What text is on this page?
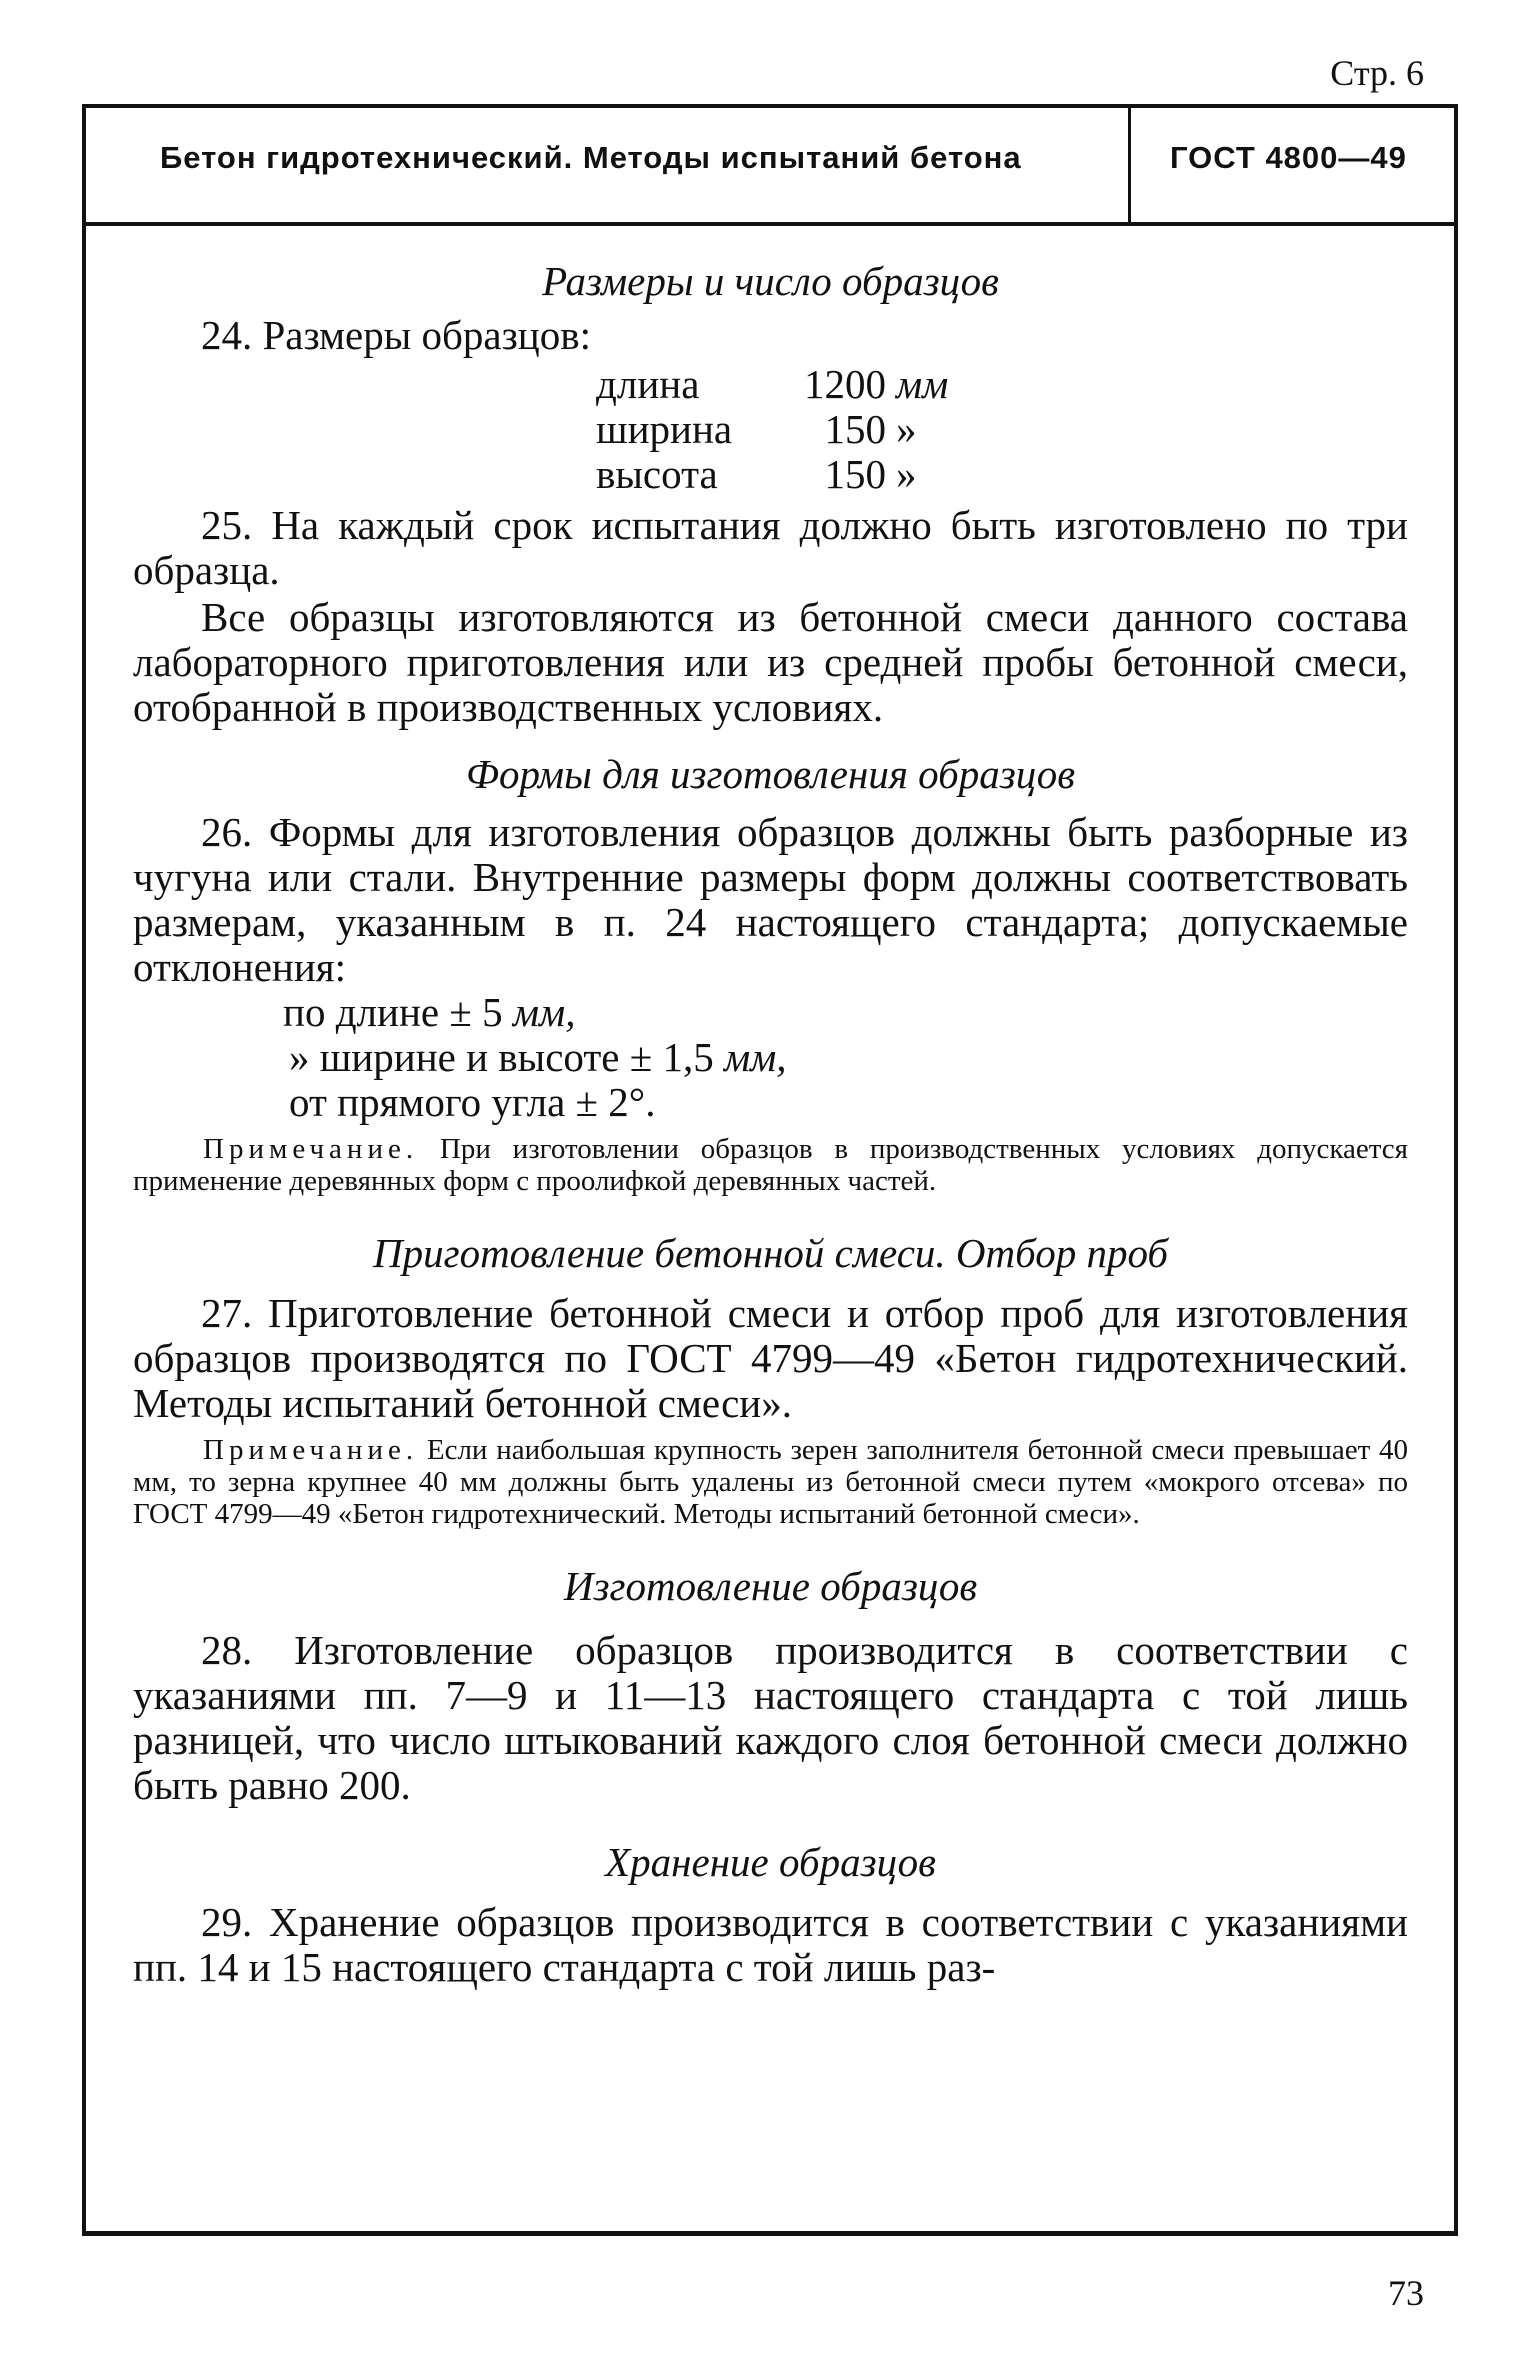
Стр. 6
Бетон гидротехнический. Методы испытаний бетона	ГОСТ 4800—49

Размеры и число образцов

24. Размеры образцов:

длина	1200 мм
ширина	150 »
высота	150 »

25. На каждый срок испытания должно быть изготовлено по три образца.

Все образцы изготовляются из бетонной смеси данного состава лабораторного приготовления или из средней пробы бетонной смеси, отобранной в производственных условиях.

Формы для изготовления образцов

26. Формы для изготовления образцов должны быть разборные из чугуна или стали. Внутренние размеры форм должны соответствовать размерам, указанным в п. 24 настоящего стандарта; допускаемые отклонения:

по длине ± 5 мм,
» ширине и высоте ± 1,5 мм,
от прямого угла ± 2°.

Примечание. При изготовлении образцов в производственных условиях допускается применение деревянных форм с проолифкой деревянных частей.

Приготовление бетонной смеси. Отбор проб

27. Приготовление бетонной смеси и отбор проб для изготовления образцов производятся по ГОСТ 4799—49 «Бетон гидротехнический. Методы испытаний бетонной смеси».

Примечание. Если наибольшая крупность зерен заполнителя бетонной смеси превышает 40 мм, то зерна крупнее 40 мм должны быть удалены из бетонной смеси путем «мокрого отсева» по ГОСТ 4799—49 «Бетон гидротехнический. Методы испытаний бетонной смеси».

Изготовление образцов

28. Изготовление образцов производится в соответствии с указаниями пп. 7—9 и 11—13 настоящего стандарта с той лишь разницей, что число штыкований каждого слоя бетонной смеси должно быть равно 200.

Хранение образцов

29. Хранение образцов производится в соответствии с указаниями пп. 14 и 15 настоящего стандарта с той лишь раз-

73
